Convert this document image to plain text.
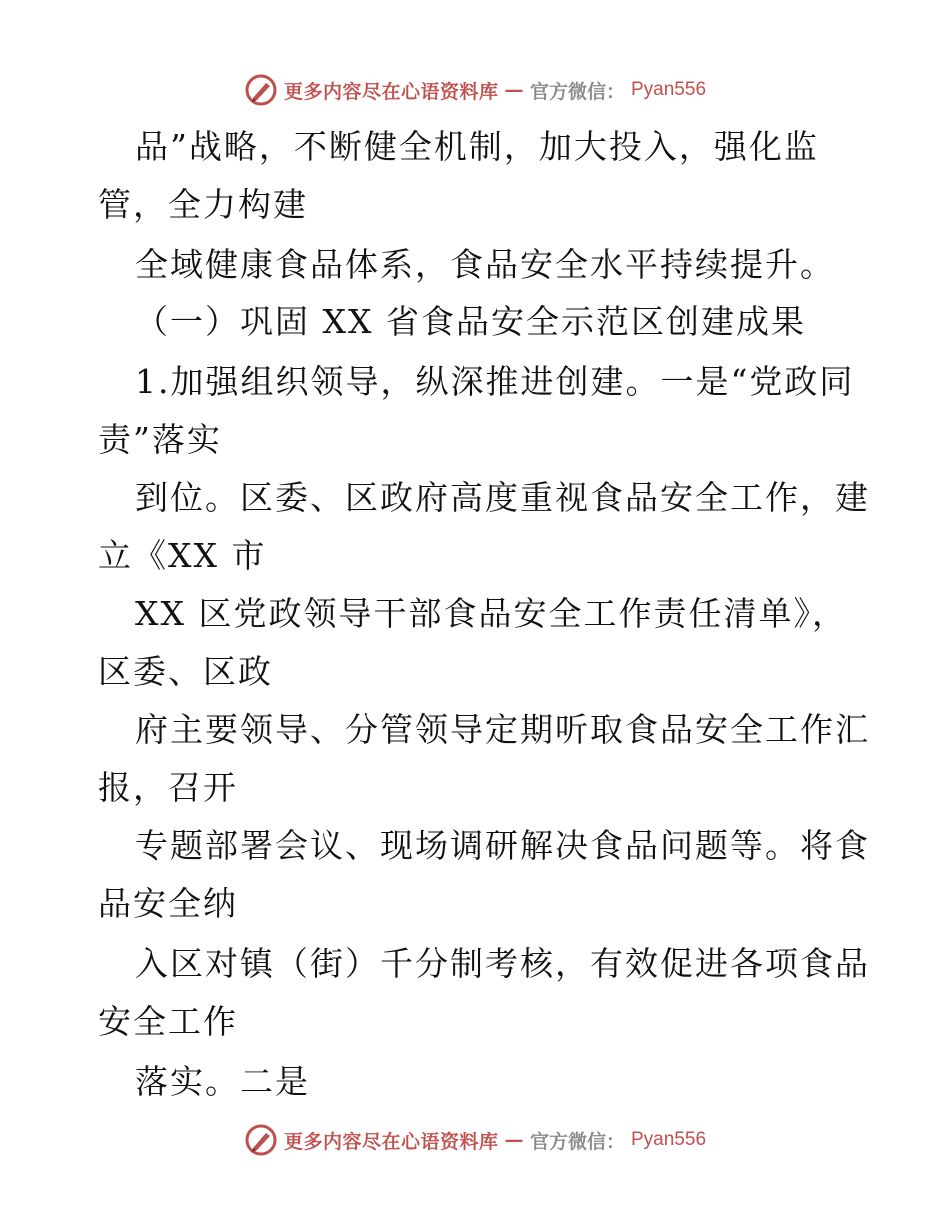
更多内容尽在心语资料库 — 官方微信： Pyan556
品”战略，不断健全机制，加大投入，强化监
管，全力构建
全域健康食品体系，食品安全水平持续提升。
（一）巩固 XX 省食品安全示范区创建成果
1.加强组织领导，纵深推进创建。一是“党政同
责”落实
到位。区委、区政府高度重视食品安全工作，建
立《XX 市
XX 区党政领导干部食品安全工作责任清单》，
区委、区政
府主要领导、分管领导定期听取食品安全工作汇
报，召开
专题部署会议、现场调研解决食品问题等。将食
品安全纳
入区对镇（街）千分制考核，有效促进各项食品
安全工作
落实。二是
更多内容尽在心语资料库 — 官方微信： Pyan556
